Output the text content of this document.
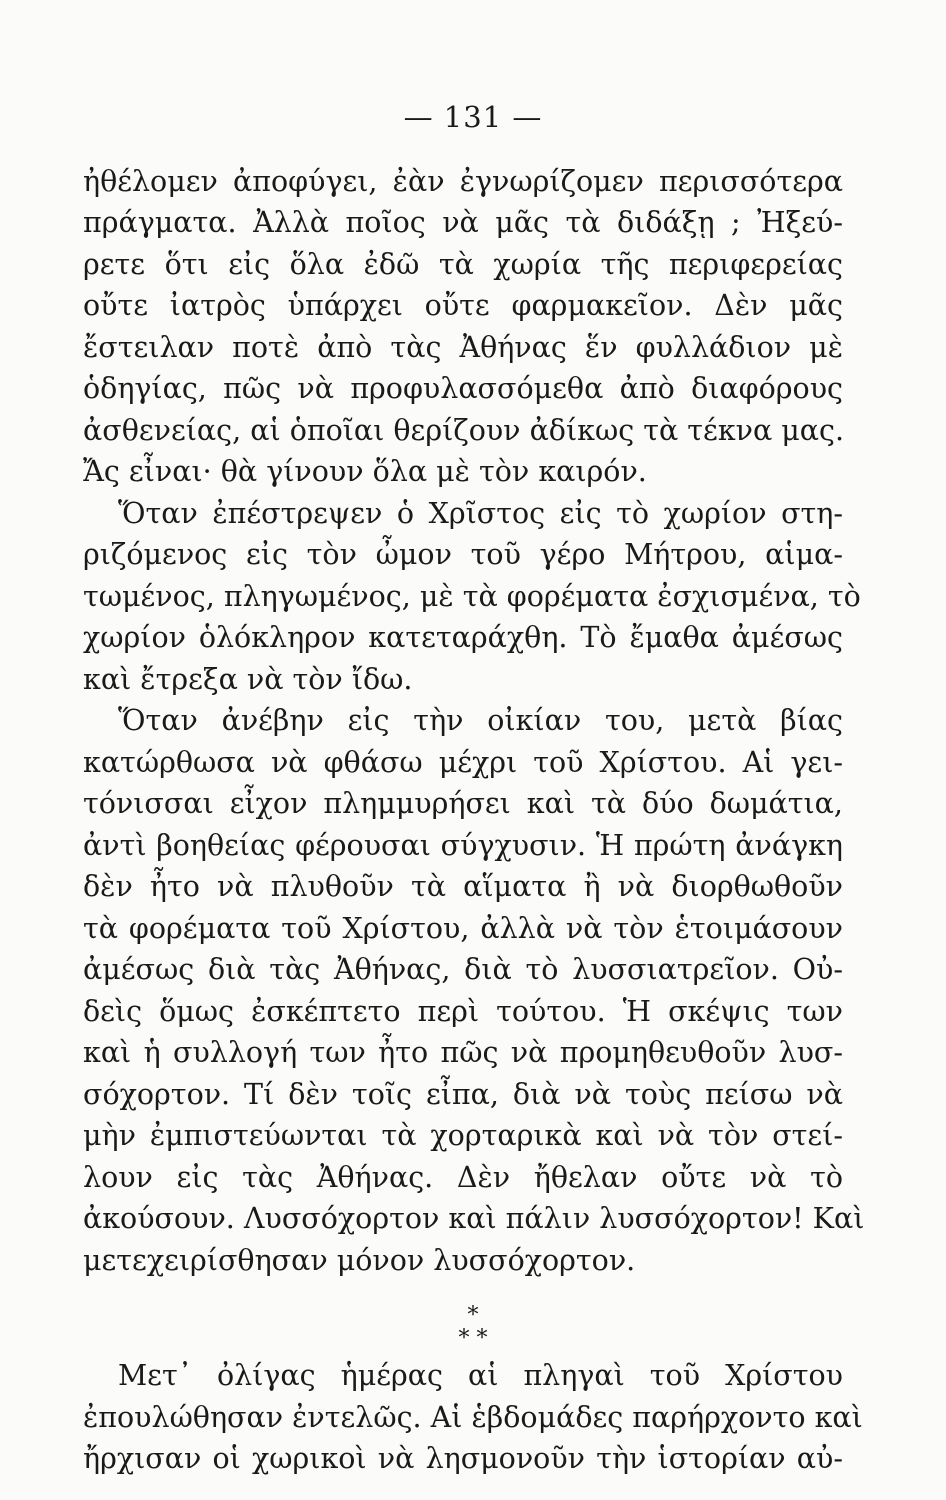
— 131 —
ἠθέλομεν ἀποφύγει, ἐὰν ἐγνωρίζομεν περισσότερα
πράγματα. Ἀλλὰ ποῖος νὰ μᾶς τὰ διδάξῃ ; Ἠξεύ-
ρετε ὅτι εἰς ὅλα ἐδῶ τὰ χωρία τῆς περιφερείας
οὔτε ἰατρὸς ὑπάρχει οὔτε φαρμακεῖον. Δὲν μᾶς
ἔστειλαν ποτὲ ἀπὸ τὰς Ἀθήνας ἕν φυλλάδιον μὲ
ὁδηγίας, πῶς νὰ προφυλασσόμεθα ἀπὸ διαφόρους
ἀσθενείας, αἱ ὁποῖαι θερίζουν ἀδίκως τὰ τέκνα μας.
Ἄς εἶναι· θὰ γίνουν ὅλα μὲ τὸν καιρόν.
Ὅταν ἐπέστρεψεν ὁ Χρῖστος εἰς τὸ χωρίον στη-
ριζόμενος εἰς τὸν ὦμον τοῦ γέρο Μήτρου, αἱμα-
τωμένος, πληγωμένος, μὲ τὰ φορέματα ἐσχισμένα, τὸ
χωρίον ὁλόκληρον κατεταράχθη. Τὸ ἔμαθα ἀμέσως
καὶ ἔτρεξα νὰ τὸν ἴδω.
Ὅταν ἀνέβην εἰς τὴν οἰκίαν του, μετὰ βίας
κατώρθωσα νὰ φθάσω μέχρι τοῦ Χρίστου. Αἱ γει-
τόνισσαι εἶχον πλημμυρήσει καὶ τὰ δύο δωμάτια,
ἀντὶ βοηθείας φέρουσαι σύγχυσιν. Ἡ πρώτη ἀνάγκη
δὲν ἦτο νὰ πλυθοῦν τὰ αἵματα ἢ νὰ διορθωθοῦν
τὰ φορέματα τοῦ Χρίστου, ἀλλὰ νὰ τὸν ἑτοιμάσουν
ἀμέσως διὰ τὰς Ἀθήνας, διὰ τὸ λυσσιατρεῖον. Οὐ-
δεὶς ὅμως ἐσκέπτετο περὶ τούτου. Ἡ σκέψις των
καὶ ἡ συλλογή των ἦτο πῶς νὰ προμηθευθοῦν λυσ-
σόχορτον. Τί δὲν τοῖς εἶπα, διὰ νὰ τοὺς πείσω νὰ
μὴν ἐμπιστεύωνται τὰ χορταρικὰ καὶ νὰ τὸν στεί-
λουν εἰς τὰς Ἀθήνας. Δὲν ἤθελαν οὔτε νὰ τὸ
ἀκούσουν. Λυσσόχορτον καὶ πάλιν λυσσόχορτον! Καὶ
μετεχειρίσθησαν μόνον λυσσόχορτον.
*
* *
Μετ᾽ ὀλίγας ἡμέρας αἱ πληγαὶ τοῦ Χρίστου
ἐπουλώθησαν ἐντελῶς. Αἱ ἑβδομάδες παρήρχοντο καὶ
ἤρχισαν οἱ χωρικοὶ νὰ λησμονοῦν τὴν ἱστορίαν αὐ-
